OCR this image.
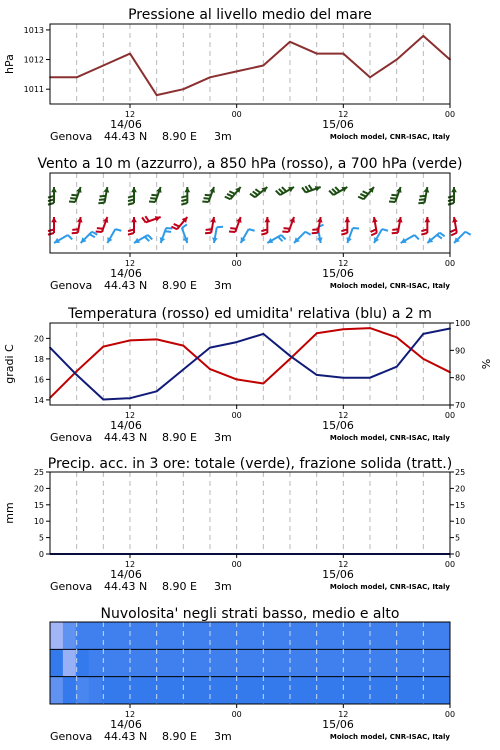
Pressione al livello medio del mare
1011
1012
1013
hPa
12	00	12	00
14/06	15/06
Genova 44.43 N 8.90 E 3m	Moloch model, CNR-ISAC, Italy
Vento a 10 m (azzurro), a 850 hPa (rosso), a 700 hPa (verde)
12	00	12	00
14/06	15/06
Genova 44.43 N 8.90 E 3m	Moloch model, CNR-ISAC, Italy
Temperatura (rosso) ed umidita' relativa (blu) a 2 m
14
16
18
20
70
80
90
100
gradi C	%
12	00	12	00
14/06	15/06
Genova 44.43 N 8.90 E 3m	Moloch model, CNR-ISAC, Italy
Precip. acc. in 3 ore: totale (verde), frazione solida (tratt.)
0
5
10
15
20
25
0
5
10
15
20
25
mm
12	00	12	00
14/06	15/06
Genova 44.43 N 8.90 E 3m	Moloch model, CNR-ISAC, Italy
Nuvolosita' negli strati basso, medio e alto
12	00	12	00
14/06	15/06
Genova 44.43 N 8.90 E 3m	Moloch model, CNR-ISAC, Italy
